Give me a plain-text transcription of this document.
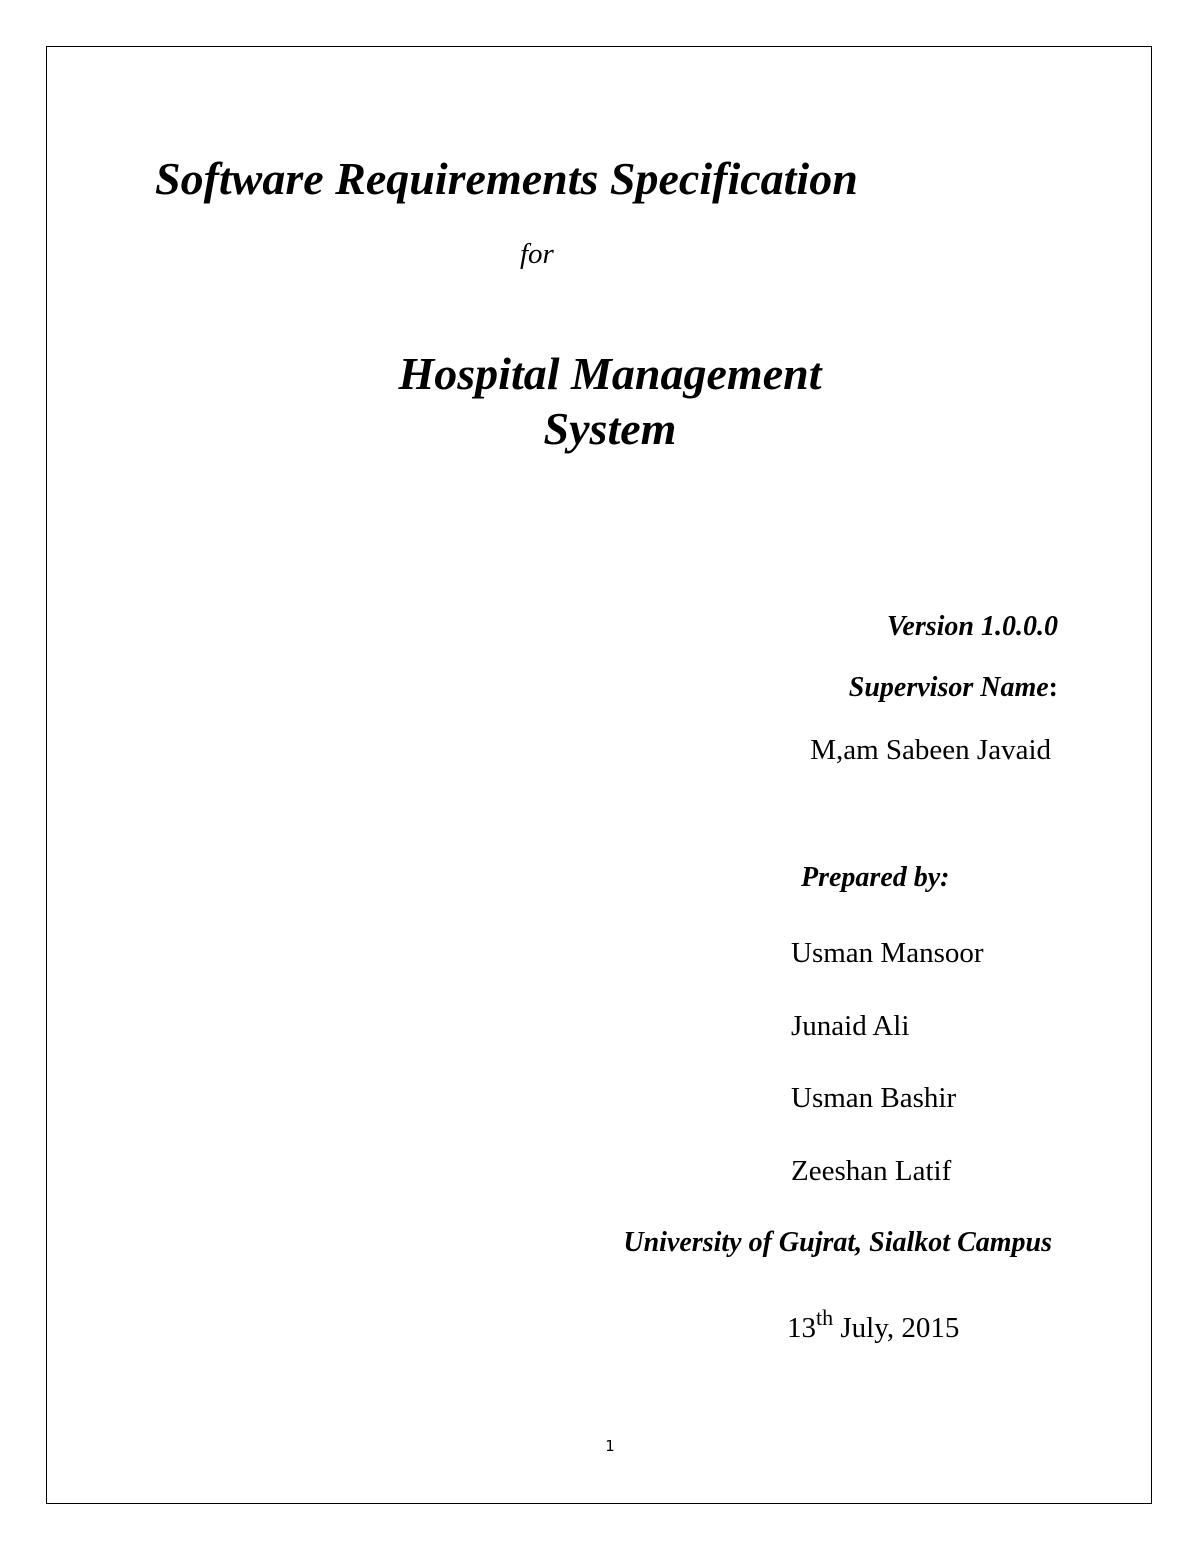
Software Requirements Specification
for
Hospital Management
System
Version 1.0.0.0
Supervisor Name:
M,am Sabeen Javaid
Prepared by:
Usman Mansoor
Junaid Ali
Usman Bashir
Zeeshan Latif
University of Gujrat, Sialkot Campus
13th July, 2015
1
